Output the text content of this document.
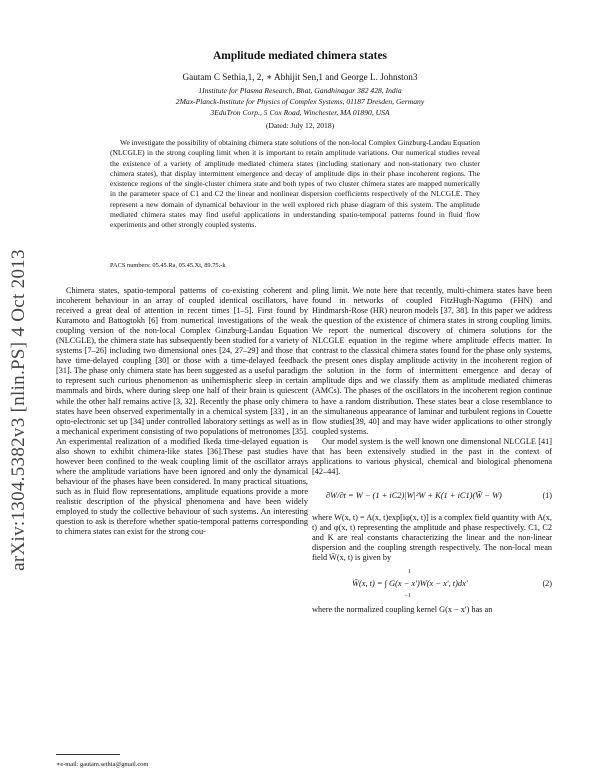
arXiv:1304.5382v3 [nlin.PS] 4 Oct 2013
Amplitude mediated chimera states
Gautam C Sethia,1, 2, ∗ Abhijit Sen,1 and George L. Johnston3
1Institute for Plasma Research, Bhat, Gandhinagar 382 428, India
2Max-Planck-Institute for Physics of Complex Systems, 01187 Dresden, Germany
3EduTron Corp., 5 Cox Road, Winchester, MA 01890, USA
(Dated: July 12, 2018)
We investigate the possibility of obtaining chimera state solutions of the non-local Complex Ginzburg-Landau Equation (NLCGLE) in the strong coupling limit when it is important to retain amplitude variations. Our numerical studies reveal the existence of a variety of amplitude mediated chimera states (including stationary and non-stationary two cluster chimera states), that display intermittent emergence and decay of amplitude dips in their phase incoherent regions. The existence regions of the single-cluster chimera state and both types of two cluster chimera states are mapped numerically in the parameter space of C1 and C2 the linear and nonlinear dispersion coefficients respectively of the NLCGLE. They represent a new domain of dynamical behaviour in the well explored rich phase diagram of this system. The amplitude mediated chimera states may find useful applications in understanding spatio-temporal patterns found in fluid flow experiments and other strongly coupled systems.
PACS numbers: 05.45.Ra, 05.45.Xt, 89.75.-k

Chimera states, spatio-temporal patterns of co-existing coherent and incoherent behaviour in an array of coupled identical oscillators, have received a great deal of attention in recent times [1–5]. First found by Kuramoto and Battogtokh [6] from numerical investigations of the weak coupling version of the non-local Complex Ginzburg-Landau Equation (NLCGLE), the chimera state has subsequently been studied for a variety of systems [7–26] including two dimensional ones [24, 27–29] and those that have time-delayed coupling [30] or those with a time-delayed feedback [31]. The phase only chimera state has been suggested as a useful paradigm to represent such curious phenomenon as unihemispheric sleep in certain mammals and birds, where during sleep one half of their brain is quiescent while the other half remains active [3, 32]. Recently the phase only chimera states have been observed experimentally in a chemical system [33] , in an opto-electronic set up [34] under controlled laboratory settings as well as in a mechanical experiment consisting of two populations of metronomes [35]. An experimental realization of a modified Ikeda time-delayed equation is also shown to exhibit chimera-like states [36].These past studies have however been confined to the weak coupling limit of the oscillator arrays where the amplitude variations have been ignored and only the dynamical behaviour of the phases have been considered. In many practical situations, such as in fluid flow representations, amplitude equations provide a more realistic description of the physical phenomena and have been widely employed to study the collective behaviour of such systems. An interesting question to ask is therefore whether spatio-temporal patterns corresponding to chimera states can exist for the strong cou-

pling limit. We note here that recently, multi-chimera states have been found in networks of coupled FitzHugh-Nagumo (FHN) and Hindmarsh-Rose (HR) neuron models [37, 38]. In this paper we address the question of the existence of chimera states in strong coupling limits. We report the numerical discovery of chimera solutions for the NLCGLE equation in the regime where amplitude effects matter. In contrast to the classical chimera states found for the phase only systems, the present ones display amplitude activity in the incoherent region of the solution in the form of intermittent emergence and decay of amplitude dips and we classify them as amplitude mediated chimeras (AMCs). The phases of the oscillators in the incoherent region continue to have a random distribution. These states bear a close resemblance to the simultaneous appearance of laminar and turbulent regions in Couette flow studies[39, 40] and may have wider applications to other strongly coupled systems.

Our model system is the well known one dimensional NLCGLE [41] that has been extensively studied in the past in the context of applications to various physical, chemical and biological phenomena [42–44].

∂W/∂t = W − (1 + iC2)|W|²W + K(1 + iC1)(W̄ − W)	(1)

where W(x, t) = A(x, t)exp[iφ(x, t)] is a complex field quantity with A(x, t) and φ(x, t) representing the amplitude and phase respectively. C1, C2 and K are real constants characterizing the linear and the non-linear dispersion and the coupling strength respectively. The non-local mean field W̄(x, t) is given by

1
W̄(x, t) = ∫ G(x − x′)W(x − x′, t)dx′
−1
(2)

where the normalized coupling kernel G(x − x′) has an

∗e-mail: gautam.sethia@gmail.com
